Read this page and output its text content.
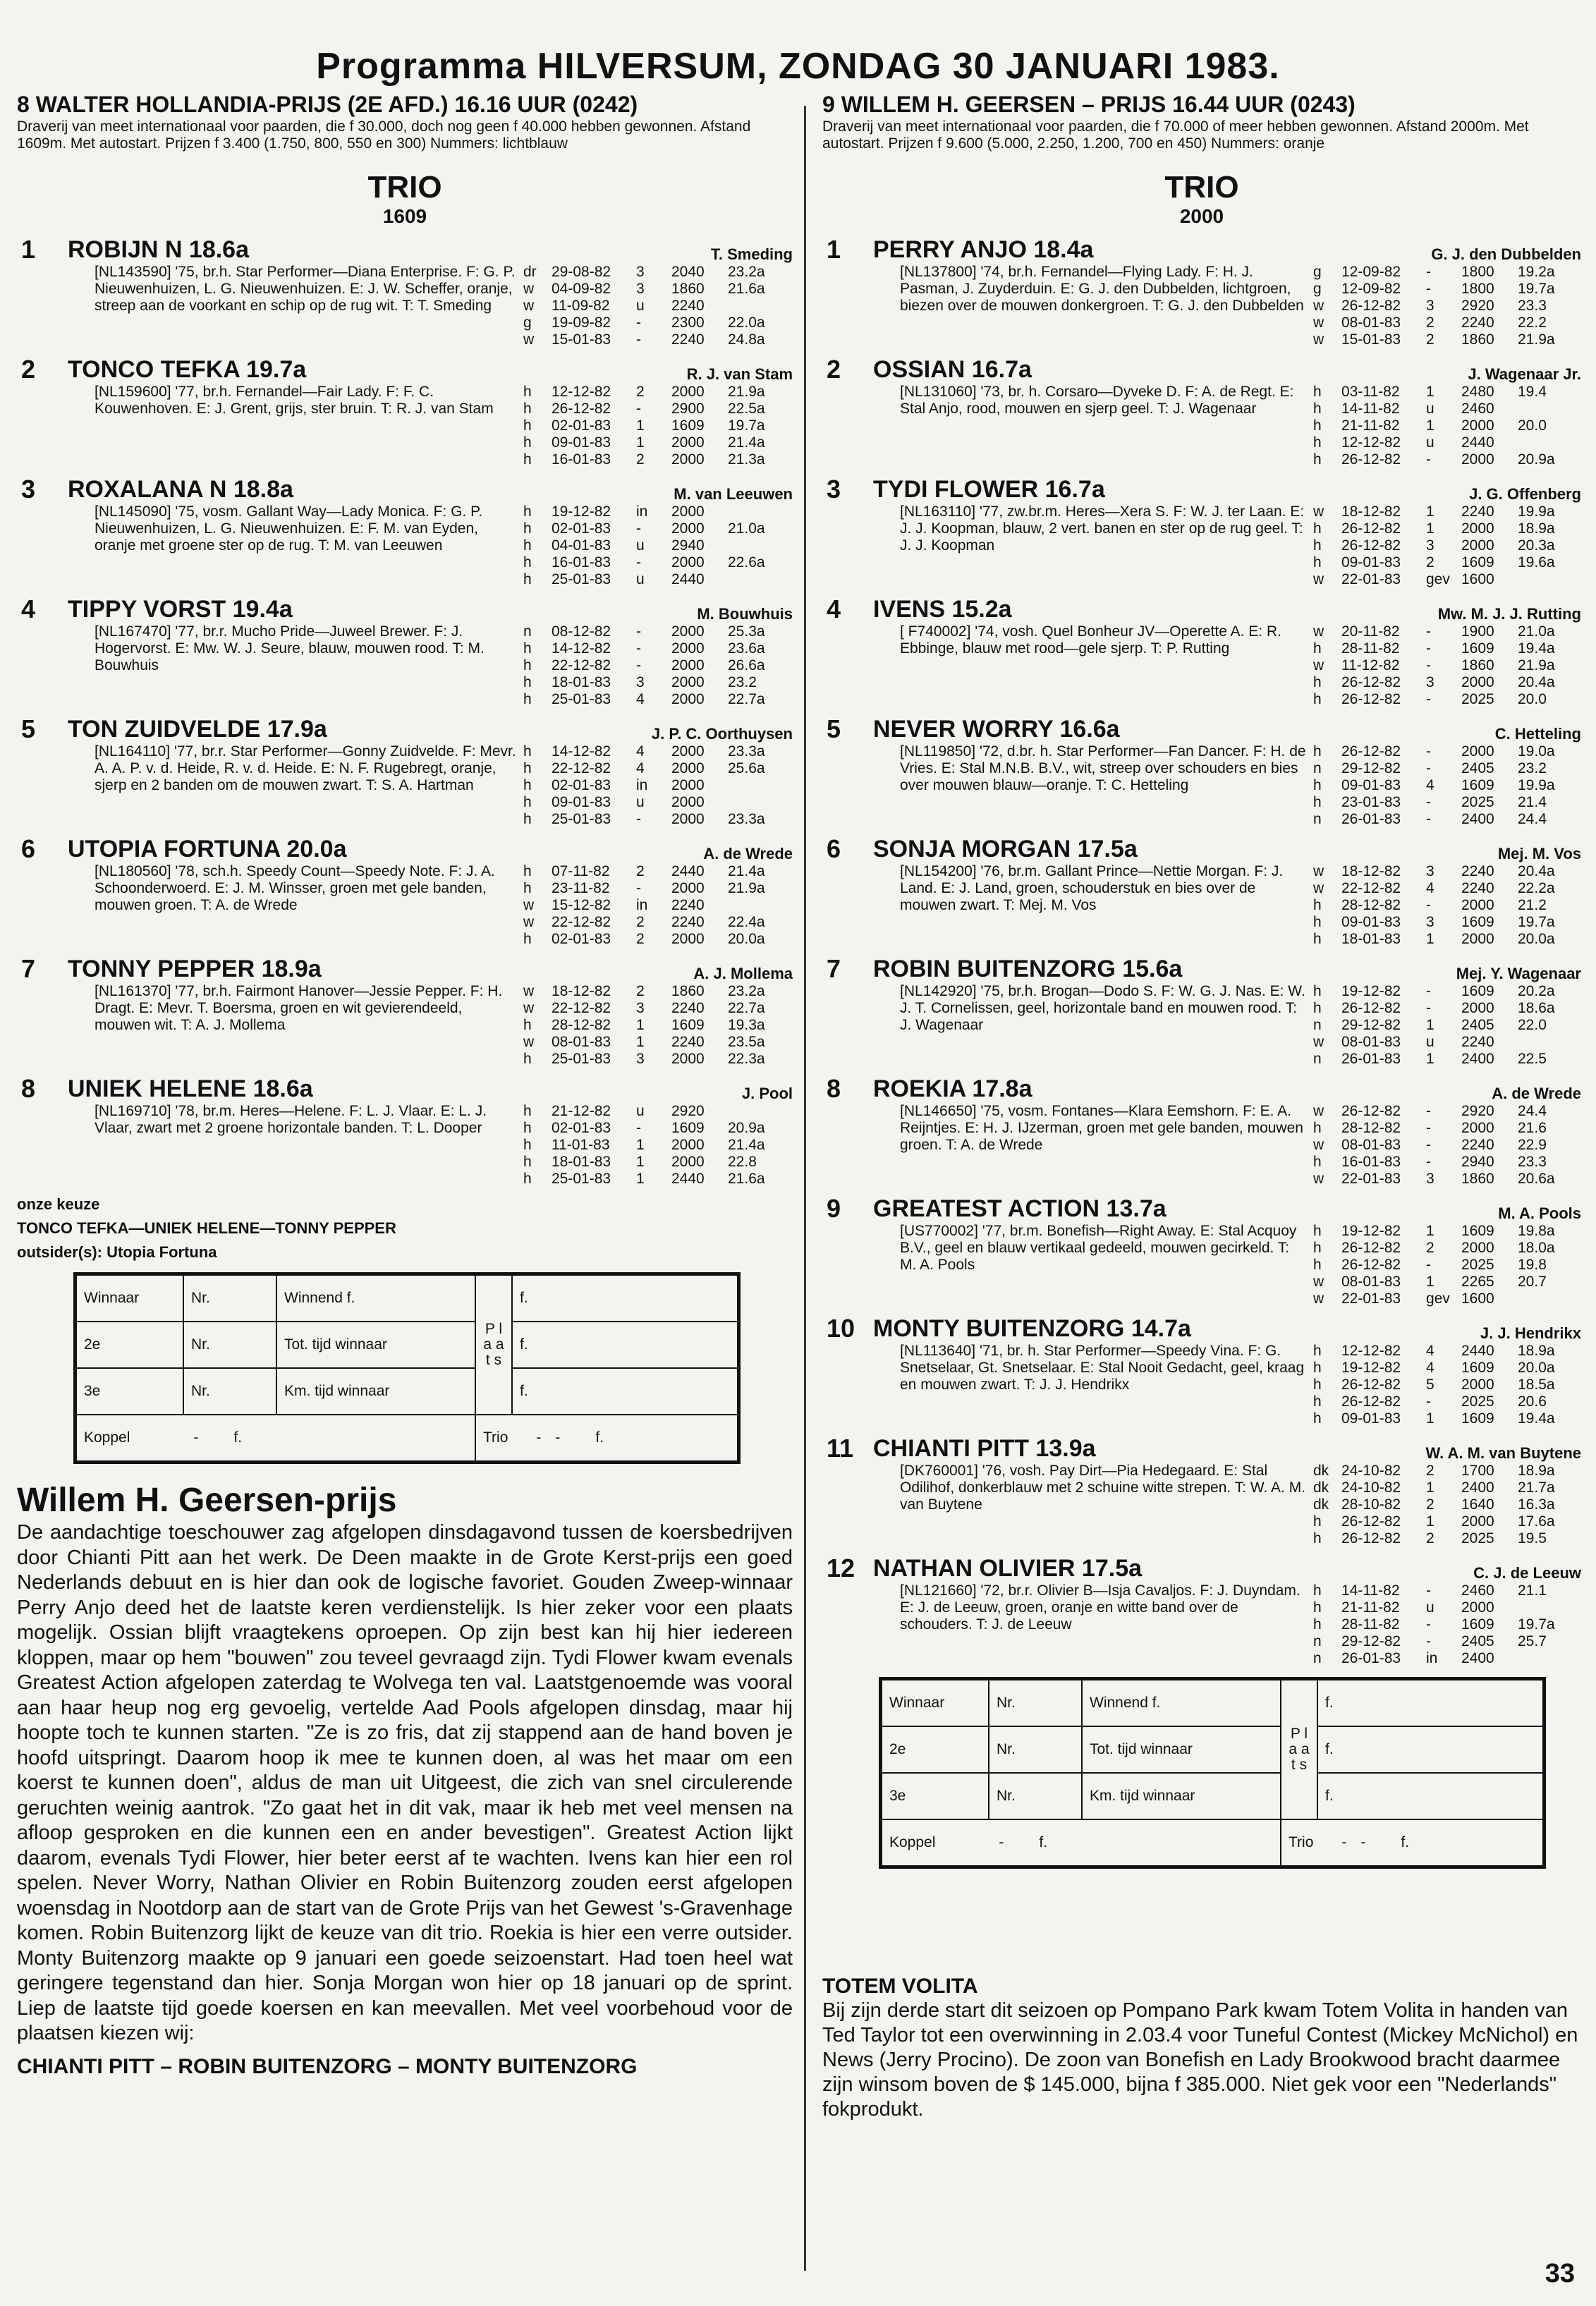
Programma HILVERSUM, ZONDAG 30 JANUARI 1983.
8 WALTER HOLLANDIA-PRIJS (2E AFD.) 16.16 UUR (0242)
Draverij van meet internationaal voor paarden, die f 30.000, doch nog geen f 40.000 hebben gewonnen. Afstand 1609m. Met autostart. Prijzen f 3.400 (1.750, 800, 550 en 300) Nummers: lichtblauw
TRIO
1609
1	ROBIJN N 18.6a	T. Smeding
[NL143590] '75, br.h. Star Performer—Diana Enterprise. F: G. P. Nieuwenhuizen, L. G. Nieuwenhuizen. E: J. W. Scheffer, oranje, streep aan de voorkant en schip op de rug wit. T: T. Smeding
dr	29-08-82	3	2040	23.2a
w	04-09-82	3	1860	21.6a
w	11-09-82	u	2240
g	19-09-82	-	2300	22.0a
w	15-01-83	-	2240	24.8a
2	TONCO TEFKA 19.7a	R. J. van Stam
[NL159600] '77, br.h. Fernandel—Fair Lady. F: F. C. Kouwenhoven. E: J. Grent, grijs, ster bruin. T: R. J. van Stam
h	12-12-82	2	2000	21.9a
h	26-12-82	-	2900	22.5a
h	02-01-83	1	1609	19.7a
h	09-01-83	1	2000	21.4a
h	16-01-83	2	2000	21.3a
3	ROXALANA N 18.8a	M. van Leeuwen
[NL145090] '75, vosm. Gallant Way—Lady Monica. F: G. P. Nieuwenhuizen, L. G. Nieuwenhuizen. E: F. M. van Eyden, oranje met groene ster op de rug. T: M. van Leeuwen
h	19-12-82	in	2000
h	02-01-83	-	2000	21.0a
h	04-01-83	u	2940
h	16-01-83	-	2000	22.6a
h	25-01-83	u	2440
4	TIPPY VORST 19.4a	M. Bouwhuis
[NL167470] '77, br.r. Mucho Pride—Juweel Brewer. F: J. Hogervorst. E: Mw. W. J. Seure, blauw, mouwen rood. T: M. Bouwhuis
n	08-12-82	-	2000	25.3a
h	14-12-82	-	2000	23.6a
h	22-12-82	-	2000	26.6a
h	18-01-83	3	2000	23.2
h	25-01-83	4	2000	22.7a
5	TON ZUIDVELDE 17.9a	J. P. C. Oorthuysen
[NL164110] '77, br.r. Star Performer—Gonny Zuidvelde. F: Mevr. A. A. P. v. d. Heide, R. v. d. Heide. E: N. F. Rugebregt, oranje, sjerp en 2 banden om de mouwen zwart. T: S. A. Hartman
h	14-12-82	4	2000	23.3a
h	22-12-82	4	2000	25.6a
h	02-01-83	in	2000
h	09-01-83	u	2000
h	25-01-83	-	2000	23.3a
6	UTOPIA FORTUNA 20.0a	A. de Wrede
[NL180560] '78, sch.h. Speedy Count—Speedy Note. F: J. A. Schoonderwoerd. E: J. M. Winsser, groen met gele banden, mouwen groen. T: A. de Wrede
h	07-11-82	2	2440	21.4a
h	23-11-82	-	2000	21.9a
w	15-12-82	in	2240
w	22-12-82	2	2240	22.4a
h	02-01-83	2	2000	20.0a
7	TONNY PEPPER 18.9a	A. J. Mollema
[NL161370] '77, br.h. Fairmont Hanover—Jessie Pepper. F: H. Dragt. E: Mevr. T. Boersma, groen en wit gevierendeeld, mouwen wit. T: A. J. Mollema
w	18-12-82	2	1860	23.2a
w	22-12-82	3	2240	22.7a
h	28-12-82	1	1609	19.3a
w	08-01-83	1	2240	23.5a
h	25-01-83	3	2000	22.3a
8	UNIEK HELENE 18.6a	J. Pool
[NL169710] '78, br.m. Heres—Helene. F: L. J. Vlaar. E: L. J. Vlaar, zwart met 2 groene horizontale banden. T: L. Dooper
h	21-12-82	u	2920
h	02-01-83	-	1609	20.9a
h	11-01-83	1	2000	21.4a
h	18-01-83	1	2000	22.8
h	25-01-83	1	2440	21.6a
onze keuze
TONCO TEFKA—UNIEK HELENE—TONNY PEPPER
outsider(s): Utopia Fortuna
Winnaar	Nr.	Winnend f.	P l a a t s	f.
2e	Nr.	Tot. tijd winnaar		f.
3e	Nr.	Km. tijd winnaar		f.
Koppel - f.			Trio - - f.	
Willem H. Geersen-prijs
De aandachtige toeschouwer zag afgelopen dinsdagavond tussen de koersbedrijven door Chianti Pitt aan het werk. De Deen maakte in de Grote Kerst-prijs een goed Nederlands debuut en is hier dan ook de logische favoriet. Gouden Zweep-winnaar Perry Anjo deed het de laatste keren verdienstelijk. Is hier zeker voor een plaats mogelijk. Ossian blijft vraagtekens oproepen. Op zijn best kan hij hier iedereen kloppen, maar op hem "bouwen" zou teveel gevraagd zijn. Tydi Flower kwam evenals Greatest Action afgelopen zaterdag te Wolvega ten val. Laatstgenoemde was vooral aan haar heup nog erg gevoelig, vertelde Aad Pools afgelopen dinsdag, maar hij hoopte toch te kunnen starten. "Ze is zo fris, dat zij stappend aan de hand boven je hoofd uitspringt. Daarom hoop ik mee te kunnen doen, al was het maar om een koerst te kunnen doen", aldus de man uit Uitgeest, die zich van snel circulerende geruchten weinig aantrok. "Zo gaat het in dit vak, maar ik heb met veel mensen na afloop gesproken en die kunnen een en ander bevestigen". Greatest Action lijkt daarom, evenals Tydi Flower, hier beter eerst af te wachten. Ivens kan hier een rol spelen. Never Worry, Nathan Olivier en Robin Buitenzorg zouden eerst afgelopen woensdag in Nootdorp aan de start van de Grote Prijs van het Gewest 's-Gravenhage komen. Robin Buitenzorg lijkt de keuze van dit trio. Roekia is hier een verre outsider. Monty Buitenzorg maakte op 9 januari een goede seizoenstart. Had toen heel wat geringere tegenstand dan hier. Sonja Morgan won hier op 18 januari op de sprint. Liep de laatste tijd goede koersen en kan meevallen. Met veel voorbehoud voor de plaatsen kiezen wij:
CHIANTI PITT – ROBIN BUITENZORG – MONTY BUITENZORG
9 WILLEM H. GEERSEN – PRIJS 16.44 UUR (0243)
Draverij van meet internationaal voor paarden, die f 70.000 of meer hebben gewonnen. Afstand 2000m. Met autostart. Prijzen f 9.600 (5.000, 2.250, 1.200, 700 en 450) Nummers: oranje
TRIO
2000
1	PERRY ANJO 18.4a	G. J. den Dubbelden
[NL137800] '74, br.h. Fernandel—Flying Lady. F: H. J. Pasman, J. Zuyderduin. E: G. J. den Dubbelden, lichtgroen, biezen over de mouwen donkergroen. T: G. J. den Dubbelden
g	12-09-82	-	1800	19.2a
g	12-09-82	-	1800	19.7a
w	26-12-82	3	2920	23.3
w	08-01-83	2	2240	22.2
w	15-01-83	2	1860	21.9a
2	OSSIAN 16.7a	J. Wagenaar Jr.
[NL131060] '73, br. h. Corsaro—Dyveke D. F: A. de Regt. E: Stal Anjo, rood, mouwen en sjerp geel. T: J. Wagenaar
h	03-11-82	1	2480	19.4
h	14-11-82	u	2460
h	21-11-82	1	2000	20.0
h	12-12-82	u	2440
h	26-12-82	-	2000	20.9a
3	TYDI FLOWER 16.7a	J. G. Offenberg
[NL163110] '77, zw.br.m. Heres—Xera S. F: W. J. ter Laan. E: J. J. Koopman, blauw, 2 vert. banen en ster op de rug geel. T: J. J. Koopman
w	18-12-82	1	2240	19.9a
h	26-12-82	1	2000	18.9a
h	26-12-82	3	2000	20.3a
h	09-01-83	2	1609	19.6a
w	22-01-83	gev 1600
4	IVENS 15.2a	Mw. M. J. J. Rutting
[ F740002] '74, vosh. Quel Bonheur JV—Operette A. E: R. Ebbinge, blauw met rood—gele sjerp. T: P. Rutting
w	20-11-82	-	1900	21.0a
h	28-11-82	-	1609	19.4a
w	11-12-82	-	1860	21.9a
h	26-12-82	3	2000	20.4a
h	26-12-82	-	2025	20.0
5	NEVER WORRY 16.6a	C. Hetteling
[NL119850] '72, d.br. h. Star Performer—Fan Dancer. F: H. de Vries. E: Stal M.N.B. B.V., wit, streep over schouders en bies over mouwen blauw—oranje. T: C. Hetteling
h	26-12-82	-	2000	19.0a
n	29-12-82	-	2405	23.2
h	09-01-83	4	1609	19.9a
h	23-01-83	-	2025	21.4
n	26-01-83	-	2400	24.4
6	SONJA MORGAN 17.5a	Mej. M. Vos
[NL154200] '76, br.m. Gallant Prince—Nettie Morgan. F: J. Land. E: J. Land, groen, schouderstuk en bies over de mouwen zwart. T: Mej. M. Vos
w	18-12-82	3	2240	20.4a
w	22-12-82	4	2240	22.2a
h	28-12-82	-	2000	21.2
h	09-01-83	3	1609	19.7a
h	18-01-83	1	2000	20.0a
7	ROBIN BUITENZORG 15.6a	Mej. Y. Wagenaar
[NL142920] '75, br.h. Brogan—Dodo S. F: W. G. J. Nas. E: W. J. T. Cornelissen, geel, horizontale band en mouwen rood. T: J. Wagenaar
h	19-12-82	-	1609	20.2a
h	26-12-82	-	2000	18.6a
n	29-12-82	1	2405	22.0
w	08-01-83	u	2240
n	26-01-83	1	2400	22.5
8	ROEKIA 17.8a	A. de Wrede
[NL146650] '75, vosm. Fontanes—Klara Eemshorn. F: E. A. Reijntjes. E: H. J. IJzerman, groen met gele banden, mouwen groen. T: A. de Wrede
w	26-12-82	-	2920	24.4
h	28-12-82	-	2000	21.6
w	08-01-83	-	2240	22.9
h	16-01-83	-	2940	23.3
w	22-01-83	3	1860	20.6a
9	GREATEST ACTION 13.7a	M. A. Pools
[US770002] '77, br.m. Bonefish—Right Away. E: Stal Acquoy B.V., geel en blauw vertikaal gedeeld, mouwen gecirkeld. T: M. A. Pools
h	19-12-82	1	1609	19.8a
h	26-12-82	2	2000	18.0a
h	26-12-82	-	2025	19.8
w	08-01-83	1	2265	20.7
w	22-01-83	gev 1600
10 MONTY BUITENZORG 14.7a	J. J. Hendrikx
[NL113640] '71, br. h. Star Performer—Speedy Vina. F: G. Snetselaar, Gt. Snetselaar. E: Stal Nooit Gedacht, geel, kraag en mouwen zwart. T: J. J. Hendrikx
h	12-12-82	4	2440	18.9a
h	19-12-82	4	1609	20.0a
h	26-12-82	5	2000	18.5a
h	26-12-82	-	2025	20.6
h	09-01-83	1	1609	19.4a
11 CHIANTI PITT 13.9a	W. A. M. van Buytene
[DK760001] '76, vosh. Pay Dirt—Pia Hedegaard. E: Stal Odilihof, donkerblauw met 2 schuine witte strepen. T: W. A. M. van Buytene
dk 24-10-82	2	1700	18.9a
dk 24-10-82	1	2400	21.7a
dk 28-10-82	2	1640	16.3a
h	26-12-82	1	2000	17.6a
h	26-12-82	2	2025	19.5
12 NATHAN OLIVIER 17.5a	C. J. de Leeuw
[NL121660] '72, br.r. Olivier B—Isja Cavaljos. F: J. Duyndam. E: J. de Leeuw, groen, oranje en witte band over de schouders. T: J. de Leeuw
h	14-11-82	-	2460	21.1
h	21-11-82	u	2000
h	28-11-82	-	1609	19.7a
n	29-12-82	-	2405	25.7
n	26-01-83	in	2400
Winnaar	Nr.	Winnend f.	P l a a t s	f.
2e	Nr.	Tot. tijd winnaar		f.
3e	Nr.	Km. tijd winnaar		f.
Koppel - f.			Trio - - f.	
TOTEM VOLITA
Bij zijn derde start dit seizoen op Pompano Park kwam Totem Volita in handen van Ted Taylor tot een overwinning in 2.03.4 voor Tuneful Contest (Mickey McNichol) en News (Jerry Procino). De zoon van Bonefish en Lady Brookwood bracht daarmee zijn winsom boven de $ 145.000, bijna f 385.000. Niet gek voor een "Nederlands" fokprodukt.
33
